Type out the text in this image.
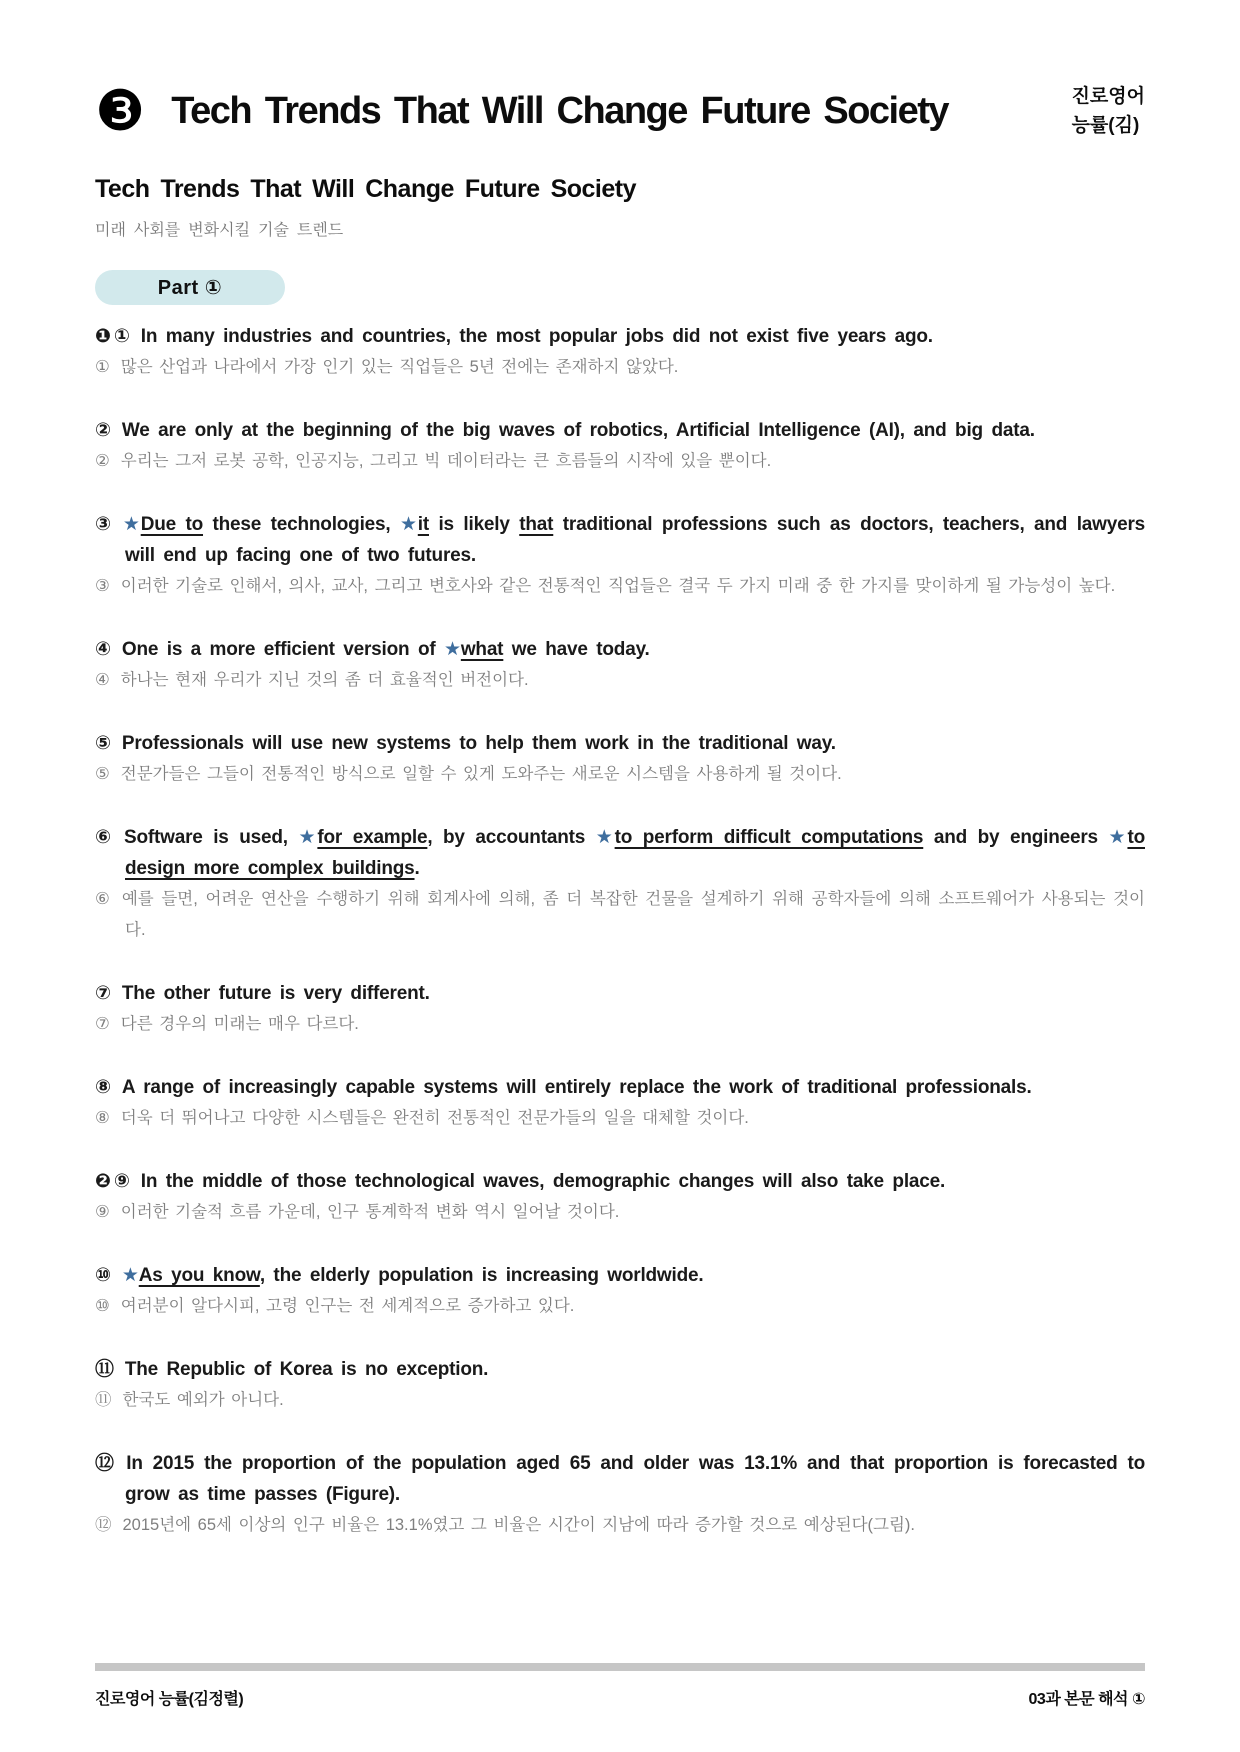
❸ Tech Trends That Will Change Future Society	진로영어
능률(김)
Tech Trends That Will Change Future Society

미래 사회를 변화시킬 기술 트렌드

Part ①

❶ ① In many industries and countries, the most popular jobs did not exist five years ago.

① 많은 산업과 나라에서 가장 인기 있는 직업들은 5년 전에는 존재하지 않았다.

② We are only at the beginning of the big waves of robotics, Artificial Intelligence (AI), and big data.

② 우리는 그저 로봇 공학, 인공지능, 그리고 빅 데이터라는 큰 흐름들의 시작에 있을 뿐이다.

③ ★Due to these technologies, ★it is likely that traditional professions such as doctors, teachers, and lawyers will end up facing one of two futures.

③ 이러한 기술로 인해서, 의사, 교사, 그리고 변호사와 같은 전통적인 직업들은 결국 두 가지 미래 중 한 가지를 맞이하게 될 가능성이 높다.

④ One is a more efficient version of ★what we have today.

④ 하나는 현재 우리가 지닌 것의 좀 더 효율적인 버전이다.

⑤ Professionals will use new systems to help them work in the traditional way.

⑤ 전문가들은 그들이 전통적인 방식으로 일할 수 있게 도와주는 새로운 시스템을 사용하게 될 것이다.

⑥ Software is used, ★for example, by accountants ★to perform difficult computations and by engineers ★to design more complex buildings.

⑥ 예를 들면, 어려운 연산을 수행하기 위해 회계사에 의해, 좀 더 복잡한 건물을 설계하기 위해 공학자들에 의해 소프트웨어가 사용되는 것이다.

⑦ The other future is very different.

⑦ 다른 경우의 미래는 매우 다르다.

⑧ A range of increasingly capable systems will entirely replace the work of traditional professionals.

⑧ 더욱 더 뛰어나고 다양한 시스템들은 완전히 전통적인 전문가들의 일을 대체할 것이다.

❷ ⑨ In the middle of those technological waves, demographic changes will also take place.

⑨ 이러한 기술적 흐름 가운데, 인구 통계학적 변화 역시 일어날 것이다.

⑩ ★As you know, the elderly population is increasing worldwide.

⑩ 여러분이 알다시피, 고령 인구는 전 세계적으로 증가하고 있다.

⑪ The Republic of Korea is no exception.

⑪ 한국도 예외가 아니다.

⑫ In 2015 the proportion of the population aged 65 and older was 13.1% and that proportion is forecasted to grow as time passes (Figure).

⑫ 2015년에 65세 이상의 인구 비율은 13.1%였고 그 비율은 시간이 지남에 따라 증가할 것으로 예상된다(그림).

진로영어 능률(김정렬)	03과 본문 해석 ①
